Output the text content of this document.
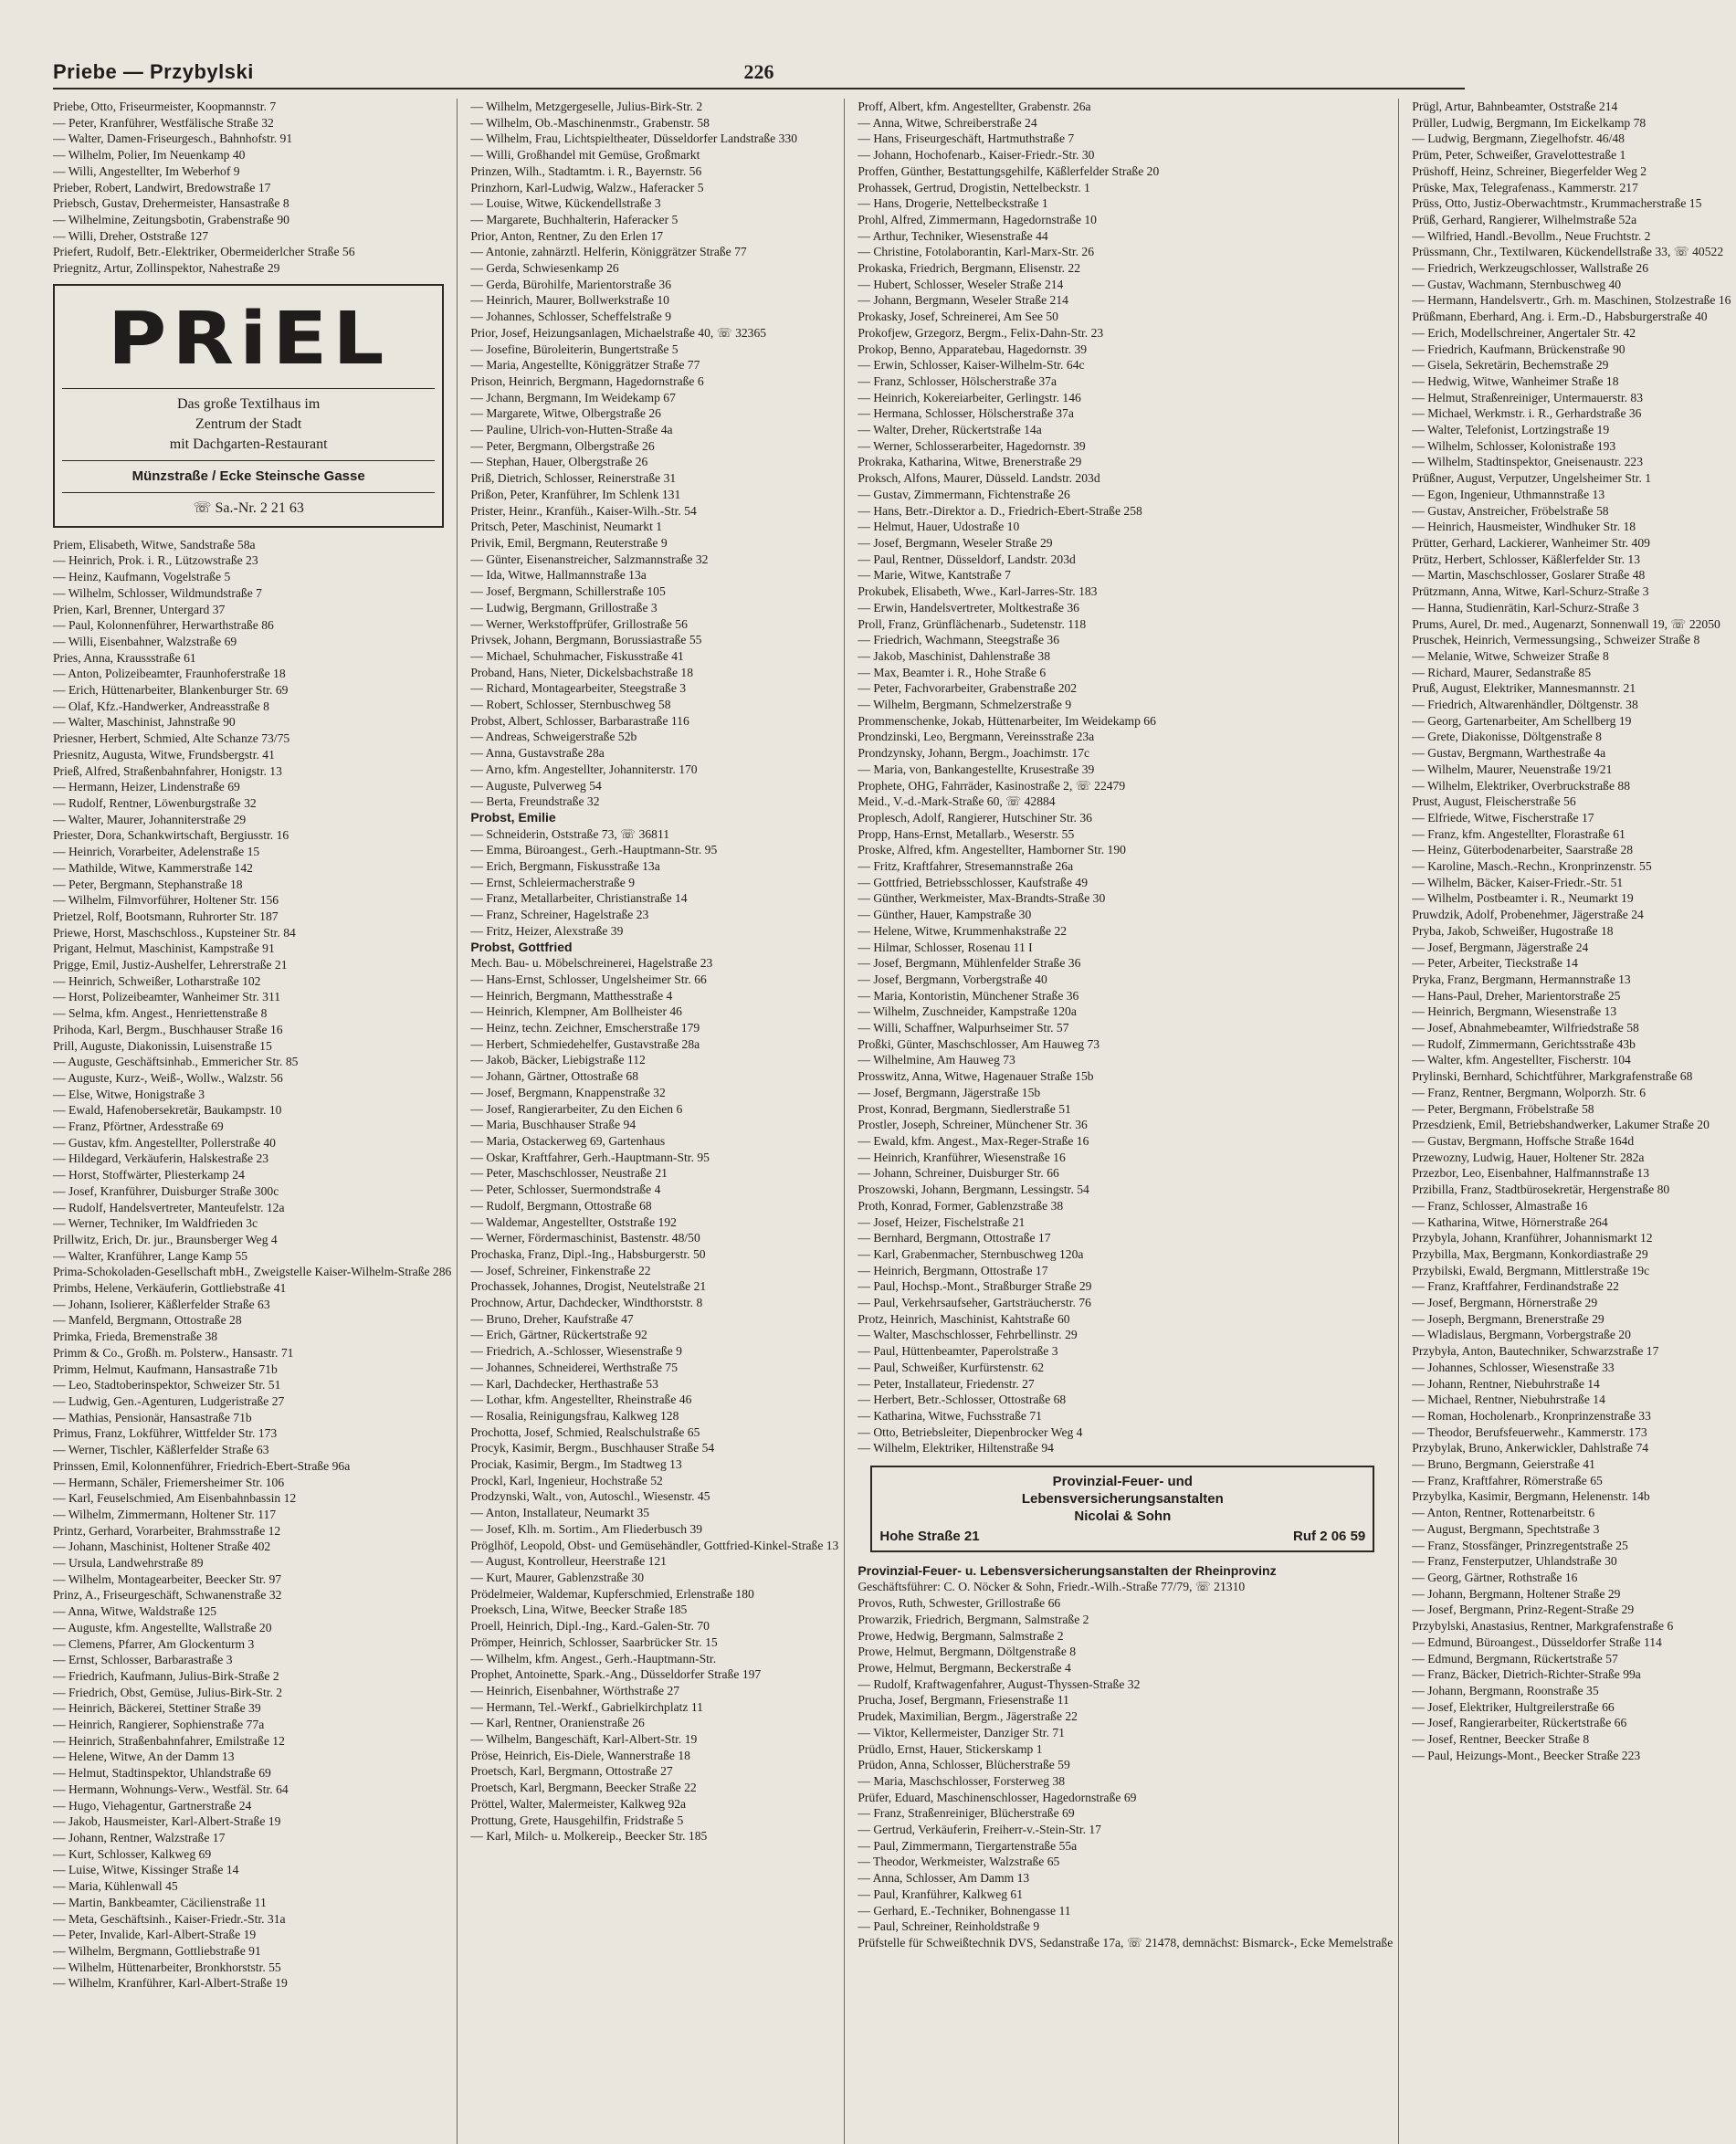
Priebe — Przybylski	226
Priebe, Otto, Friseurmeister, Koopmannstr. 7
— Peter, Kranführer, Westfälische Straße 32
— Walter, Damen-Friseurgesch., Bahnhofstr. 91
— Wilhelm, Polier, Im Neuenkamp 40
— Willi, Angestellter, Im Weberhof 9
Prieber, Robert, Landwirt, Bredowstraße 17
Priebsch, Gustav, Drehermeister, Hansastraße 8
— Wilhelmine, Zeitungsbotin, Grabenstraße 90
— Willi, Dreher, Oststraße 127
Priefert, Rudolf, Betr.-Elektriker, Obermeiderlcher Straße 56
Priegnitz, Artur, Zollinspektor, Nahestraße 29
PRiEL
Das große Textilhaus im
Zentrum der Stadt
mit Dachgarten-Restaurant
Münzstraße / Ecke Steinsche Gasse
☏ Sa.-Nr. 2 21 63
Priem, Elisabeth, Witwe, Sandstraße 58a
— Heinrich, Prok. i. R., Lützowstraße 23
— Heinz, Kaufmann, Vogelstraße 5
— Wilhelm, Schlosser, Wildmundstraße 7
Prien, Karl, Brenner, Untergard 37
— Paul, Kolonnenführer, Herwarthstraße 86
— Willi, Eisenbahner, Walzstraße 69
Pries, Anna, Kraussstraße 61
— Anton, Polizeibeamter, Fraunhoferstraße 18
— Erich, Hüttenarbeiter, Blankenburger Str. 69
— Olaf, Kfz.-Handwerker, Andreasstraße 8
— Walter, Maschinist, Jahnstraße 90
Priesner, Herbert, Schmied, Alte Schanze 73/75
Priesnitz, Augusta, Witwe, Frundsbergstr. 41
Prieß, Alfred, Straßenbahnfahrer, Honigstr. 13
— Hermann, Heizer, Lindenstraße 69
— Rudolf, Rentner, Löwenburgstraße 32
— Walter, Maurer, Johanniterstraße 29
Priester, Dora, Schankwirtschaft, Bergiusstr. 16
— Heinrich, Vorarbeiter, Adelenstraße 15
— Mathilde, Witwe, Kammerstraße 142
— Peter, Bergmann, Stephanstraße 18
— Wilhelm, Filmvorführer, Holtener Str. 156
Prietzel, Rolf, Bootsmann, Ruhrorter Str. 187
Priewe, Horst, Maschschloss., Kupsteiner Str. 84
Prigant, Helmut, Maschinist, Kampstraße 91
Prigge, Emil, Justiz-Aushelfer, Lehrerstraße 21
— Heinrich, Schweißer, Lotharstraße 102
— Horst, Polizeibeamter, Wanheimer Str. 311
— Selma, kfm. Angest., Henriettenstraße 8
Prihoda, Karl, Bergm., Buschhauser Straße 16
Prill, Auguste, Diakonissin, Luisenstraße 15
— Auguste, Geschäftsinhab., Emmericher Str. 85
— Auguste, Kurz-, Weiß-, Wollw., Walzstr. 56
— Else, Witwe, Honigstraße 3
— Ewald, Hafenobersekretär, Baukampstr. 10
— Franz, Pförtner, Ardesstraße 69
— Gustav, kfm. Angestellter, Pollerstraße 40
— Hildegard, Verkäuferin, Halskestraße 23
— Horst, Stoffwärter, Pliesterkamp 24
— Josef, Kranführer, Duisburger Straße 300c
— Rudolf, Handelsvertreter, Manteufelstr. 12a
— Werner, Techniker, Im Waldfrieden 3c
Prillwitz, Erich, Dr. jur., Braunsberger Weg 4
— Walter, Kranführer, Lange Kamp 55
Prima-Schokoladen-Gesellschaft mbH., Zweigstelle Kaiser-Wilhelm-Straße 286
Primbs, Helene, Verkäuferin, Gottliebstraße 41
— Johann, Isolierer, Käßlerfelder Straße 63
— Manfeld, Bergmann, Ottostraße 28
Primka, Frieda, Bremenstraße 38
Primm & Co., Großh. m. Polsterw., Hansastr. 71
Primm, Helmut, Kaufmann, Hansastraße 71b
— Leo, Stadtoberinspektor, Schweizer Str. 51
— Ludwig, Gen.-Agenturen, Ludgeristraße 27
— Mathias, Pensionär, Hansastraße 71b
Primus, Franz, Lokführer, Wittfelder Str. 173
— Werner, Tischler, Käßlerfelder Straße 63
Prinssen, Emil, Kolonnenführer, Friedrich-Ebert-Straße 96a
— Hermann, Schäler, Friemersheimer Str. 106
— Karl, Feuselschmied, Am Eisenbahnbassin 12
— Wilhelm, Zimmermann, Holtener Str. 117
Printz, Gerhard, Vorarbeiter, Brahmsstraße 12
— Johann, Maschinist, Holtener Straße 402
— Ursula, Landwehrstraße 89
— Wilhelm, Montagearbeiter, Beecker Str. 97
Prinz, A., Friseurgeschäft, Schwanenstraße 32
— Anna, Witwe, Waldstraße 125
— Auguste, kfm. Angestellte, Wallstraße 20
— Clemens, Pfarrer, Am Glockenturm 3
— Ernst, Schlosser, Barbarastraße 3
— Friedrich, Kaufmann, Julius-Birk-Straße 2
— Friedrich, Obst, Gemüse, Julius-Birk-Str. 2
— Heinrich, Bäckerei, Stettiner Straße 39
— Heinrich, Rangierer, Sophienstraße 77a
— Heinrich, Straßenbahnfahrer, Emilstraße 12
— Helene, Witwe, An der Damm 13
— Helmut, Stadtinspektor, Uhlandstraße 69
— Hermann, Wohnungs-Verw., Westfäl. Str. 64
— Hugo, Viehagentur, Gartnerstraße 24
— Jakob, Hausmeister, Karl-Albert-Straße 19
— Johann, Rentner, Walzstraße 17
— Kurt, Schlosser, Kalkweg 69
— Luise, Witwe, Kissinger Straße 14
— Maria, Kühlenwall 45
— Martin, Bankbeamter, Cäcilienstraße 11
— Meta, Geschäftsinh., Kaiser-Friedr.-Str. 31a
— Peter, Invalide, Karl-Albert-Straße 19
— Wilhelm, Bergmann, Gottliebstraße 91
— Wilhelm, Hüttenarbeiter, Bronkhorststr. 55
— Wilhelm, Kranführer, Karl-Albert-Straße 19
— Wilhelm, Metzgergeselle, Julius-Birk-Str. 2
— Wilhelm, Ob.-Maschinenmstr., Grabenstr. 58
— Wilhelm, Frau, Lichtspieltheater, Düsseldorfer Landstraße 330
— Willi, Großhandel mit Gemüse, Großmarkt
Prinzen, Wilh., Stadtamtm. i. R., Bayernstr. 56
Prinzhorn, Karl-Ludwig, Walzw., Haferacker 5
— Louise, Witwe, Kückendellstraße 3
— Margarete, Buchhalterin, Haferacker 5
Prior, Anton, Rentner, Zu den Erlen 17
— Antonie, zahnärztl. Helferin, Königgrätzer Straße 77
— Gerda, Schwiesenkamp 26
— Gerda, Bürohilfe, Marientorstraße 36
— Heinrich, Maurer, Bollwerkstraße 10
— Johannes, Schlosser, Scheffelstraße 9
Prior, Josef, Heizungsanlagen, Michaelstraße 40, ☏ 32365
— Josefine, Büroleiterin, Bungertstraße 5
— Maria, Angestellte, Königgrätzer Straße 77
Prison, Heinrich, Bergmann, Hagedornstraße 6
— Jchann, Bergmann, Im Weidekamp 67
— Margarete, Witwe, Olbergstraße 26
— Pauline, Ulrich-von-Hutten-Straße 4a
— Peter, Bergmann, Olbergstraße 26
— Stephan, Hauer, Olbergstraße 26
Priß, Dietrich, Schlosser, Reinerstraße 31
Prißon, Peter, Kranführer, Im Schlenk 131
Prister, Heinr., Kranfüh., Kaiser-Wilh.-Str. 54
Pritsch, Peter, Maschinist, Neumarkt 1
Privik, Emil, Bergmann, Reuterstraße 9
— Günter, Eisenanstreicher, Salzmannstraße 32
— Ida, Witwe, Hallmannstraße 13a
— Josef, Bergmann, Schillerstraße 105
— Ludwig, Bergmann, Grillostraße 3
— Werner, Werkstoffprüfer, Grillostraße 56
Privsek, Johann, Bergmann, Borussiastraße 55
— Michael, Schuhmacher, Fiskusstraße 41
Proband, Hans, Nieter, Dickelsbachstraße 18
— Richard, Montagearbeiter, Steegstraße 3
— Robert, Schlosser, Sternbuschweg 58
Probst, Albert, Schlosser, Barbarastraße 116
— Andreas, Schweigerstraße 52b
— Anna, Gustavstraße 28a
— Arno, kfm. Angestellter, Johanniterstr. 170
— Auguste, Pulverweg 54
— Berta, Freundstraße 32
Probst, Emilie
— Schneiderin, Oststraße 73, ☏ 36811
— Emma, Büroangest., Gerh.-Hauptmann-Str. 95
— Erich, Bergmann, Fiskusstraße 13a
— Ernst, Schleiermacherstraße 9
— Franz, Metallarbeiter, Christianstraße 14
— Franz, Schreiner, Hagelstraße 23
— Fritz, Heizer, Alexstraße 39
Probst, Gottfried
Mech. Bau- u. Möbelschreinerei, Hagelstraße 23
— Hans-Ernst, Schlosser, Ungelsheimer Str. 66
— Heinrich, Bergmann, Matthesstraße 4
— Heinrich, Klempner, Am Bollheister 46
— Heinz, techn. Zeichner, Emscherstraße 179
— Herbert, Schmiedehelfer, Gustavstraße 28a
— Jakob, Bäcker, Liebigstraße 112
— Johann, Gärtner, Ottostraße 68
— Josef, Bergmann, Knappenstraße 32
— Josef, Rangierarbeiter, Zu den Eichen 6
— Maria, Buschhauser Straße 94
— Maria, Ostackerweg 69, Gartenhaus
— Oskar, Kraftfahrer, Gerh.-Hauptmann-Str. 95
— Peter, Maschschlosser, Neustraße 21
— Peter, Schlosser, Suermondstraße 4
— Rudolf, Bergmann, Ottostraße 68
— Waldemar, Angestellter, Oststraße 192
— Werner, Fördermaschinist, Bastenstr. 48/50
Prochaska, Franz, Dipl.-Ing., Habsburgerstr. 50
— Josef, Schreiner, Finkenstraße 22
Prochassek, Johannes, Drogist, Neutelstraße 21
Prochnow, Artur, Dachdecker, Windthorststr. 8
— Bruno, Dreher, Kaufstraße 47
— Erich, Gärtner, Rückertstraße 92
— Friedrich, A.-Schlosser, Wiesenstraße 9
— Johannes, Schneiderei, Werthstraße 75
— Karl, Dachdecker, Herthastraße 53
— Lothar, kfm. Angestellter, Rheinstraße 46
— Rosalia, Reinigungsfrau, Kalkweg 128
Prochotta, Josef, Schmied, Realschulstraße 65
Procyk, Kasimir, Bergm., Buschhauser Straße 54
Prociak, Kasimir, Bergm., Im Stadtweg 13
Prockl, Karl, Ingenieur, Hochstraße 52
Prodzynski, Walt., von, Autoschl., Wiesenstr. 45
— Anton, Installateur, Neumarkt 35
— Josef, Klh. m. Sortim., Am Fliederbusch 39
Pröglhöf, Leopold, Obst- und Gemüsehändler, Gottfried-Kinkel-Straße 13
— August, Kontrolleur, Heerstraße 121
— Kurt, Maurer, Gablenzstraße 30
Prödelmeier, Waldemar, Kupferschmied, Erlenstraße 180
Proeksch, Lina, Witwe, Beecker Straße 185
Proell, Heinrich, Dipl.-Ing., Kard.-Galen-Str. 70
Prömper, Heinrich, Schlosser, Saarbrücker Str. 15
— Wilhelm, kfm. Angest., Gerh.-Hauptmann-Str.
Prophet, Antoinette, Spark.-Ang., Düsseldorfer Straße 197
— Heinrich, Eisenbahner, Wörthstraße 27
— Hermann, Tel.-Werkf., Gabrielkirchplatz 11
— Karl, Rentner, Oranienstraße 26
— Wilhelm, Bangeschäft, Karl-Albert-Str. 19
Pröse, Heinrich, Eis-Diele, Wannerstraße 18
Proetsch, Karl, Bergmann, Ottostraße 27
Proetsch, Karl, Bergmann, Beecker Straße 22
Pröttel, Walter, Malermeister, Kalkweg 92a
Prottung, Grete, Hausgehilfin, Fridstraße 5
— Karl, Milch- u. Molkereip., Beecker Str. 185
Proff, Albert, kfm. Angestellter, Grabenstr. 26a
— Anna, Witwe, Schreiberstraße 24
— Hans, Friseurgeschäft, Hartmuthstraße 7
— Johann, Hochofenarb., Kaiser-Friedr.-Str. 30
Proffen, Günther, Bestattungsgehilfe, Käßlerfelder Straße 20
Prohassek, Gertrud, Drogistin, Nettelbeckstr. 1
— Hans, Drogerie, Nettelbeckstraße 1
Prohl, Alfred, Zimmermann, Hagedornstraße 10
— Arthur, Techniker, Wiesenstraße 44
— Christine, Fotolaborantin, Karl-Marx-Str. 26
Prokaska, Friedrich, Bergmann, Elisenstr. 22
— Hubert, Schlosser, Weseler Straße 214
— Johann, Bergmann, Weseler Straße 214
Prokasky, Josef, Schreinerei, Am See 50
Prokofjew, Grzegorz, Bergm., Felix-Dahn-Str. 23
Prokop, Benno, Apparatebau, Hagedornstr. 39
— Erwin, Schlosser, Kaiser-Wilhelm-Str. 64c
— Franz, Schlosser, Hölscherstraße 37a
— Heinrich, Kokereiarbeiter, Gerlingstr. 146
— Hermana, Schlosser, Hölscherstraße 37a
— Walter, Dreher, Rückertstraße 14a
— Werner, Schlosserarbeiter, Hagedornstr. 39
Prokraka, Katharina, Witwe, Brenerstraße 29
Proksch, Alfons, Maurer, Düsseld. Landstr. 203d
— Gustav, Zimmermann, Fichtenstraße 26
— Hans, Betr.-Direktor a. D., Friedrich-Ebert-Straße 258
— Helmut, Hauer, Udostraße 10
— Josef, Bergmann, Weseler Straße 29
— Paul, Rentner, Düsseldorf, Landstr. 203d
— Marie, Witwe, Kantstraße 7
Prokubek, Elisabeth, Wwe., Karl-Jarres-Str. 183
— Erwin, Handelsvertreter, Moltkestraße 36
Proll, Franz, Grünflächenarb., Sudetenstr. 118
— Friedrich, Wachmann, Steegstraße 36
— Jakob, Maschinist, Dahlenstraße 38
— Max, Beamter i. R., Hohe Straße 6
— Peter, Fachvorarbeiter, Grabenstraße 202
— Wilhelm, Bergmann, Schmelzerstraße 9
Prommenschenke, Jokab, Hüttenarbeiter, Im Weidekamp 66
Prondzinski, Leo, Bergmann, Vereinsstraße 23a
Prondzynsky, Johann, Bergm., Joachimstr. 17c
— Maria, von, Bankangestellte, Krusestraße 39
Prophete, OHG, Fahrräder, Kasinostraße 2, ☏ 22479
Meid., V.-d.-Mark-Straße 60, ☏ 42884
Proplesch, Adolf, Rangierer, Hutschiner Str. 36
Propp, Hans-Ernst, Metallarb., Weserstr. 55
Proske, Alfred, kfm. Angestellter, Hamborner Str. 190
— Fritz, Kraftfahrer, Stresemannstraße 26a
— Gottfried, Betriebsschlosser, Kaufstraße 49
— Günther, Werkmeister, Max-Brandts-Straße 30
— Günther, Hauer, Kampstraße 30
— Helene, Witwe, Krummenhakstraße 22
— Hilmar, Schlosser, Rosenau 11 I
— Josef, Bergmann, Mühlenfelder Straße 36
— Josef, Bergmann, Vorbergstraße 40
— Maria, Kontoristin, Münchener Straße 36
— Wilhelm, Zuschneider, Kampstraße 120a
— Willi, Schaffner, Walpurhseimer Str. 57
Proßki, Günter, Maschschlosser, Am Hauweg 73
— Wilhelmine, Am Hauweg 73
Prosswitz, Anna, Witwe, Hagenauer Straße 15b
— Josef, Bergmann, Jägerstraße 15b
Prost, Konrad, Bergmann, Siedlerstraße 51
Prostler, Joseph, Schreiner, Münchener Str. 36
— Ewald, kfm. Angest., Max-Reger-Straße 16
— Heinrich, Kranführer, Wiesenstraße 16
— Johann, Schreiner, Duisburger Str. 66
Proszowski, Johann, Bergmann, Lessingstr. 54
Proth, Konrad, Former, Gablenzstraße 38
— Josef, Heizer, Fischelstraße 21
— Bernhard, Bergmann, Ottostraße 17
— Karl, Grabenmacher, Sternbuschweg 120a
— Heinrich, Bergmann, Ottostraße 17
— Paul, Hochsp.-Mont., Straßburger Straße 29
— Paul, Verkehrsaufseher, Gartsträucherstr. 76
Protz, Heinrich, Maschinist, Kahtstraße 60
— Walter, Maschschlosser, Fehrbellinstr. 29
— Paul, Hüttenbeamter, Paperolstraße 3
— Paul, Schweißer, Kurfürstenstr. 62
— Peter, Installateur, Friedenstr. 27
— Herbert, Betr.-Schlosser, Ottostraße 68
— Katharina, Witwe, Fuchsstraße 71
— Otto, Betriebsleiter, Diepenbrocker Weg 4
— Wilhelm, Elektriker, Hiltenstraße 94
Provinzial-Feuer- und
Lebensversicherungsanstalten
Nicolai & Sohn
Hohe Straße 21	Ruf 2 06 59
Provinzial-Feuer- u. Lebensversicherungsanstalten der Rheinprovinz
Geschäftsführer: C. O. Nöcker & Sohn, Friedr.-Wilh.-Straße 77/79, ☏ 21310
Provos, Ruth, Schwester, Grillostraße 66
Prowarzik, Friedrich, Bergmann, Salmstraße 2
Prowe, Hedwig, Bergmann, Salmstraße 2
Prowe, Helmut, Bergmann, Döltgenstraße 8
Prowe, Helmut, Bergmann, Beckerstraße 4
— Rudolf, Kraftwagenfahrer, August-Thyssen-Straße 32
Prucha, Josef, Bergmann, Friesenstraße 11
Prudek, Maximilian, Bergm., Jägerstraße 22
— Viktor, Kellermeister, Danziger Str. 71
Prüdlo, Ernst, Hauer, Stickerskamp 1
Prüdon, Anna, Schlosser, Blücherstraße 59
— Maria, Maschschlosser, Forsterweg 38
Prüfer, Eduard, Maschinenschlosser, Hagedornstraße 69
— Franz, Straßenreiniger, Blücherstraße 69
— Gertrud, Verkäuferin, Freiherr-v.-Stein-Str. 17
— Paul, Zimmermann, Tiergartenstraße 55a
— Theodor, Werkmeister, Walzstraße 65
— Anna, Schlosser, Am Damm 13
— Paul, Kranführer, Kalkweg 61
— Gerhard, E.-Techniker, Bohnengasse 11
— Paul, Schreiner, Reinholdstraße 9
Prüfstelle für Schweißtechnik DVS, Sedanstraße 17a, ☏ 21478, demnächst: Bismarck-, Ecke Memelstraße
Prügl, Artur, Bahnbeamter, Oststraße 214
Prüller, Ludwig, Bergmann, Im Eickelkamp 78
— Ludwig, Bergmann, Ziegelhofstr. 46/48
Prüm, Peter, Schweißer, Gravelottestraße 1
Prüshoff, Heinz, Schreiner, Biegerfelder Weg 2
Prüske, Max, Telegrafenass., Kammerstr. 217
Prüss, Otto, Justiz-Oberwachtmstr., Krummacherstraße 15
Prüß, Gerhard, Rangierer, Wilhelmstraße 52a
— Wilfried, Handl.-Bevollm., Neue Fruchtstr. 2
Prüssmann, Chr., Textilwaren, Kückendellstraße 33, ☏ 40522
— Friedrich, Werkzeugschlosser, Wallstraße 26
— Gustav, Wachmann, Sternbuschweg 40
— Hermann, Handelsvertr., Grh. m. Maschinen, Stolzestraße 16
Prüßmann, Eberhard, Ang. i. Erm.-D., Habsburgerstraße 40
— Erich, Modellschreiner, Angertaler Str. 42
— Friedrich, Kaufmann, Brückenstraße 90
— Gisela, Sekretärin, Bechemstraße 29
— Hedwig, Witwe, Wanheimer Straße 18
— Helmut, Straßenreiniger, Untermauerstr. 83
— Michael, Werkmstr. i. R., Gerhardstraße 36
— Walter, Telefonist, Lortzingstraße 19
— Wilhelm, Schlosser, Kolonistraße 193
— Wilhelm, Stadtinspektor, Gneisenaustr. 223
Prüßner, August, Verputzer, Ungelsheimer Str. 1
— Egon, Ingenieur, Uthmannstraße 13
— Gustav, Anstreicher, Fröbelstraße 58
— Heinrich, Hausmeister, Windhuker Str. 18
Prütter, Gerhard, Lackierer, Wanheimer Str. 409
Prütz, Herbert, Schlosser, Käßlerfelder Str. 13
— Martin, Maschschlosser, Goslarer Straße 48
Prützmann, Anna, Witwe, Karl-Schurz-Straße 3
— Hanna, Studienrätin, Karl-Schurz-Straße 3
Prums, Aurel, Dr. med., Augenarzt, Sonnenwall 19, ☏ 22050
Pruschek, Heinrich, Vermessungsing., Schweizer Straße 8
— Melanie, Witwe, Schweizer Straße 8
— Richard, Maurer, Sedanstraße 85
Pruß, August, Elektriker, Mannesmannstr. 21
— Friedrich, Altwarenhändler, Döltgenstr. 38
— Georg, Gartenarbeiter, Am Schellberg 19
— Grete, Diakonisse, Döltgenstraße 8
— Gustav, Bergmann, Warthestraße 4a
— Wilhelm, Maurer, Neuenstraße 19/21
— Wilhelm, Elektriker, Overbruckstraße 88
Prust, August, Fleischerstraße 56
— Elfriede, Witwe, Fischerstraße 17
— Franz, kfm. Angestellter, Florastraße 61
— Heinz, Güterbodenarbeiter, Saarstraße 28
— Karoline, Masch.-Rechn., Kronprinzenstr. 55
— Wilhelm, Bäcker, Kaiser-Friedr.-Str. 51
— Wilhelm, Postbeamter i. R., Neumarkt 19
Pruwdzik, Adolf, Probenehmer, Jägerstraße 24
Pryba, Jakob, Schweißer, Hugostraße 18
— Josef, Bergmann, Jägerstraße 24
— Peter, Arbeiter, Tieckstraße 14
Pryka, Franz, Bergmann, Hermannstraße 13
— Hans-Paul, Dreher, Marientorstraße 25
— Heinrich, Bergmann, Wiesenstraße 13
— Josef, Abnahmebeamter, Wilfriedstraße 58
— Rudolf, Zimmermann, Gerichtsstraße 43b
— Walter, kfm. Angestellter, Fischerstr. 104
Prylinski, Bernhard, Schichtführer, Markgrafenstraße 68
— Franz, Rentner, Bergmann, Wolporzh. Str. 6
— Peter, Bergmann, Fröbelstraße 58
Przesdzienk, Emil, Betriebshandwerker, Lakumer Straße 20
— Gustav, Bergmann, Hoffsche Straße 164d
Przewozny, Ludwig, Hauer, Holtener Str. 282a
Przezbor, Leo, Eisenbahner, Halfmannstraße 13
Przibilla, Franz, Stadtbürosekretär, Hergenstraße 80
— Franz, Schlosser, Almastraße 16
— Katharina, Witwe, Hörnerstraße 264
Przybyla, Johann, Kranführer, Johannismarkt 12
Przybilla, Max, Bergmann, Konkordiastraße 29
Przybilski, Ewald, Bergmann, Mittlerstraße 19c
— Franz, Kraftfahrer, Ferdinandstraße 22
— Josef, Bergmann, Hörnerstraße 29
— Joseph, Bergmann, Brenerstraße 29
— Wladislaus, Bergmann, Vorbergstraße 20
Przybyła, Anton, Bautechniker, Schwarzstraße 17
— Johannes, Schlosser, Wiesenstraße 33
— Johann, Rentner, Niebuhrstraße 14
— Michael, Rentner, Niebuhrstraße 14
— Roman, Hocholenarb., Kronprinzenstraße 33
— Theodor, Berufsfeuerwehr., Kammerstr. 173
Przybylak, Bruno, Ankerwickler, Dahlstraße 74
— Bruno, Bergmann, Geierstraße 41
— Franz, Kraftfahrer, Römerstraße 65
Przybylka, Kasimir, Bergmann, Helenenstr. 14b
— Anton, Rentner, Rottenarbeitstr. 6
— August, Bergmann, Spechtstraße 3
— Franz, Stossfänger, Prinzregentstraße 25
— Franz, Fensterputzer, Uhlandstraße 30
— Georg, Gärtner, Rothstraße 16
— Johann, Bergmann, Holtener Straße 29
— Josef, Bergmann, Prinz-Regent-Straße 29
Przybylski, Anastasius, Rentner, Markgrafenstraße 6
— Edmund, Büroangest., Düsseldorfer Straße 114
— Edmund, Bergmann, Rückertstraße 57
— Franz, Bäcker, Dietrich-Richter-Straße 99a
— Johann, Bergmann, Roonstraße 35
— Josef, Elektriker, Hultgreilerstraße 66
— Josef, Rangierarbeiter, Rückertstraße 66
— Josef, Rentner, Beecker Straße 8
— Paul, Heizungs-Mont., Beecker Straße 223
